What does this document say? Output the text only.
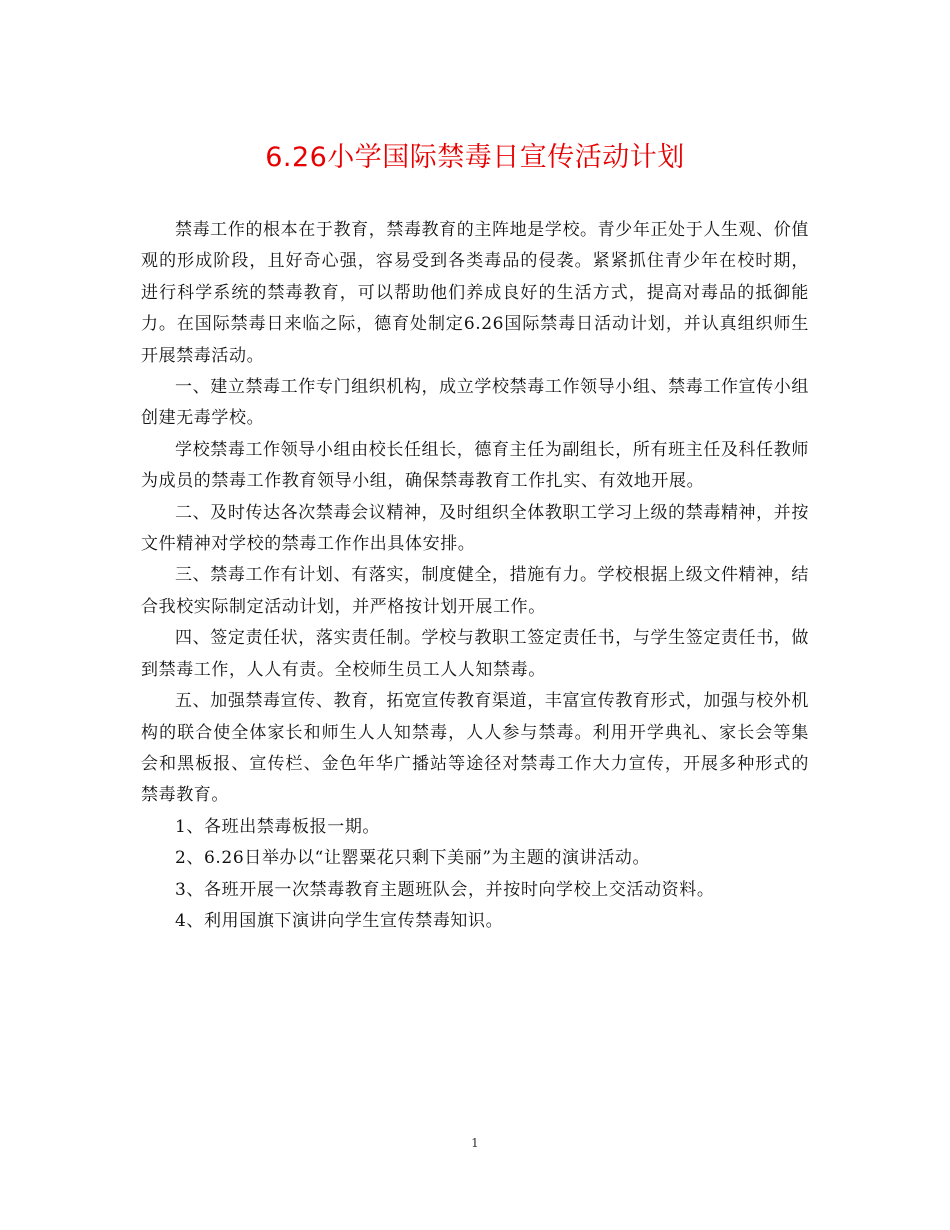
6.26小学国际禁毒日宣传活动计划

禁毒工作的根本在于教育，禁毒教育的主阵地是学校。青少年正处于人生观、价值观的形成阶段，且好奇心强，容易受到各类毒品的侵袭。紧紧抓住青少年在校时期，进行科学系统的禁毒教育，可以帮助他们养成良好的生活方式，提高对毒品的抵御能力。在国际禁毒日来临之际，德育处制定6.26国际禁毒日活动计划，并认真组织师生开展禁毒活动。

一、建立禁毒工作专门组织机构，成立学校禁毒工作领导小组、禁毒工作宣传小组创建无毒学校。

学校禁毒工作领导小组由校长任组长，德育主任为副组长，所有班主任及科任教师为成员的禁毒工作教育领导小组，确保禁毒教育工作扎实、有效地开展。

二、及时传达各次禁毒会议精神，及时组织全体教职工学习上级的禁毒精神，并按文件精神对学校的禁毒工作作出具体安排。

三、禁毒工作有计划、有落实，制度健全，措施有力。学校根据上级文件精神，结合我校实际制定活动计划，并严格按计划开展工作。

四、签定责任状，落实责任制。学校与教职工签定责任书，与学生签定责任书，做到禁毒工作，人人有责。全校师生员工人人知禁毒。

五、加强禁毒宣传、教育，拓宽宣传教育渠道，丰富宣传教育形式，加强与校外机构的联合使全体家长和师生人人知禁毒，人人参与禁毒。利用开学典礼、家长会等集会和黑板报、宣传栏、金色年华广播站等途径对禁毒工作大力宣传，开展多种形式的禁毒教育。

1、各班出禁毒板报一期。

2、6.26日举办以“让罂粟花只剩下美丽”为主题的演讲活动。

3、各班开展一次禁毒教育主题班队会，并按时向学校上交活动资料。

4、利用国旗下演讲向学生宣传禁毒知识。

1
